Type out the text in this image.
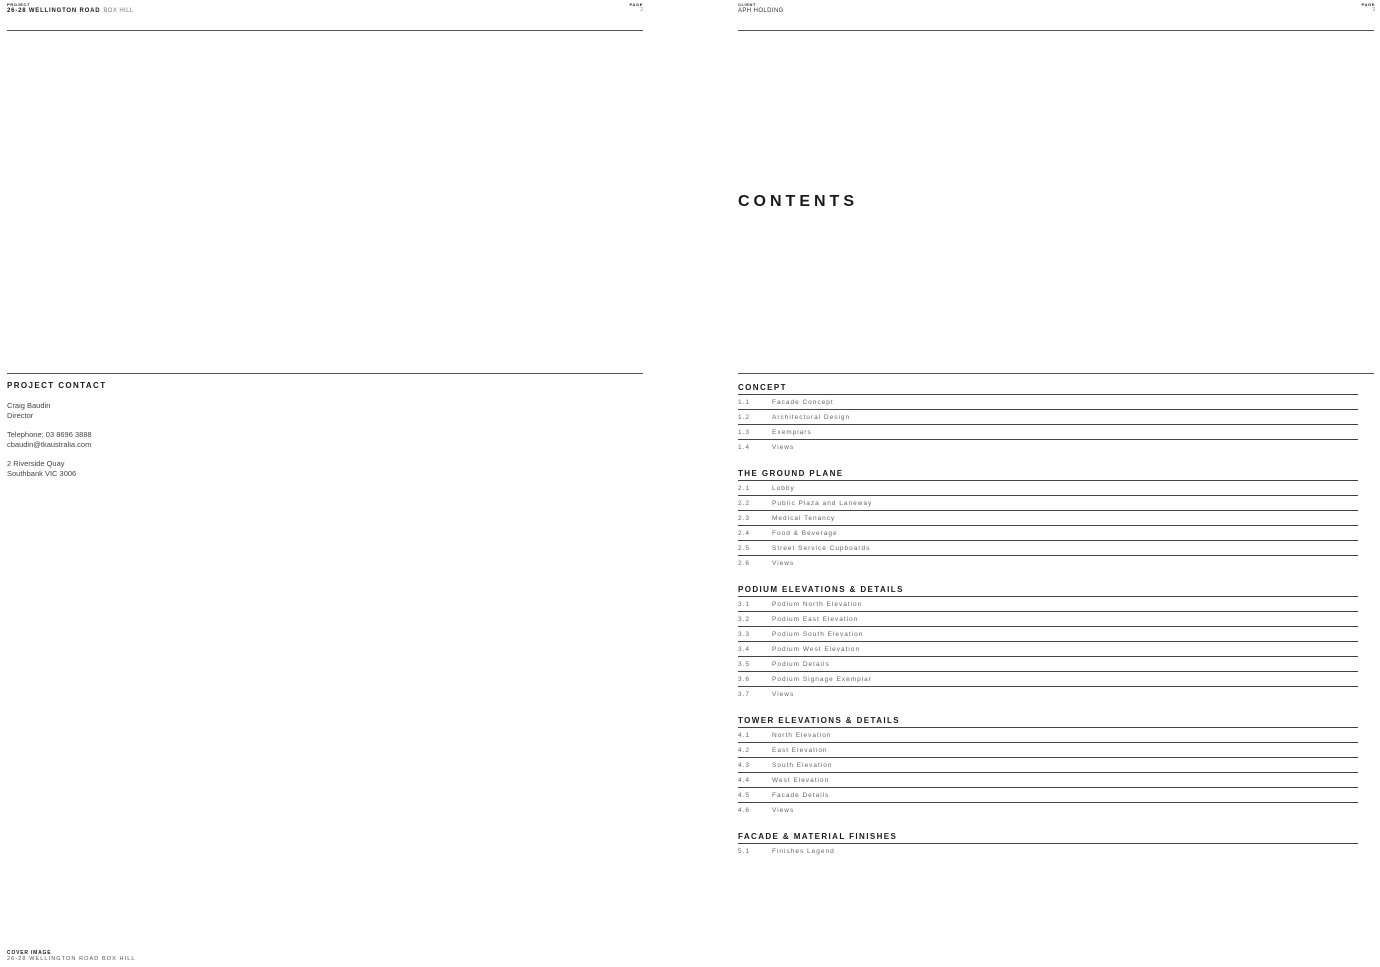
PROJECT
26-28 WELLINGTON ROAD BOX HILL
PAGE
2
PROJECT CONTACT
Craig Baudin
Director
Telephone: 03 8696 3888
cbaudin@tkaustralia.com
2 Riverside Quay
Southbank VIC 3006
COVER IMAGE
26-28 WELLINGTON ROAD BOX HILL
CLIENT
APH HOLDING
PAGE
3
CONTENTS
CONCEPT
1.1	Facade Concept
1.2	Architectural Design
1.3	Exemplars
1.4	Views
THE GROUND PLANE
2.1	Lobby
2.2	Public Plaza and Laneway
2.3	Medical Tenancy
2.4	Food & Beverage
2.5	Street Service Cupboards
2.6	Views
PODIUM ELEVATIONS & DETAILS
3.1	Podium North Elevation
3.2	Podium East Elevation
3.3	Podium South Elevation
3.4	Podium West Elevation
3.5	Podium Details
3.6	Podium Signage Exemplar
3.7	Views
TOWER ELEVATIONS & DETAILS
4.1	North Elevation
4.2	East Elevation
4.3	South Elevation
4.4	West Elevation
4.5	Facade Details
4.6	Views
FACADE & MATERIAL FINISHES
5.1	Finishes Legend
